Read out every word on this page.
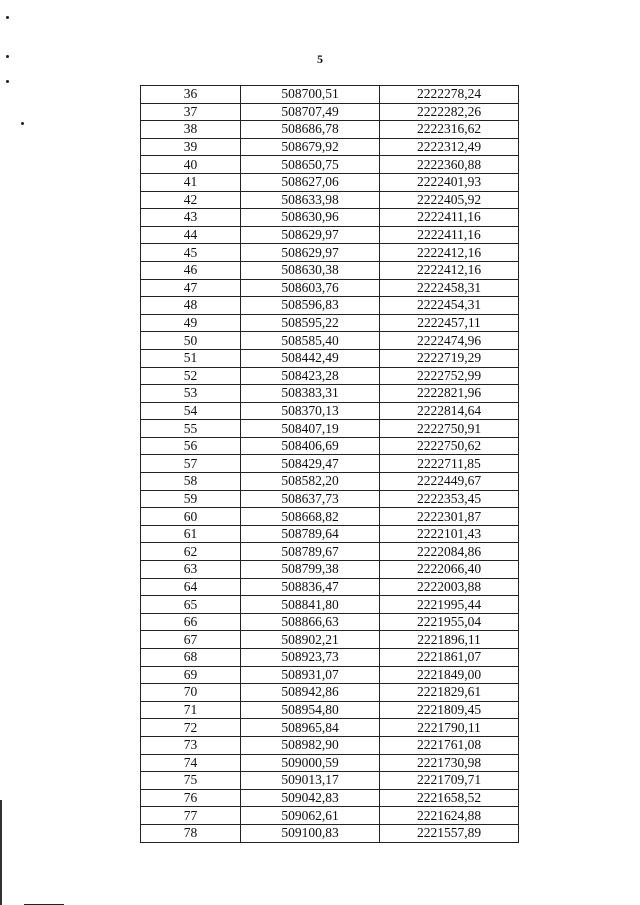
5
36	508700,51	2222278,24
37	508707,49	2222282,26
38	508686,78	2222316,62
39	508679,92	2222312,49
40	508650,75	2222360,88
41	508627,06	2222401,93
42	508633,98	2222405,92
43	508630,96	2222411,16
44	508629,97	2222411,16
45	508629,97	2222412,16
46	508630,38	2222412,16
47	508603,76	2222458,31
48	508596,83	2222454,31
49	508595,22	2222457,11
50	508585,40	2222474,96
51	508442,49	2222719,29
52	508423,28	2222752,99
53	508383,31	2222821,96
54	508370,13	2222814,64
55	508407,19	2222750,91
56	508406,69	2222750,62
57	508429,47	2222711,85
58	508582,20	2222449,67
59	508637,73	2222353,45
60	508668,82	2222301,87
61	508789,64	2222101,43
62	508789,67	2222084,86
63	508799,38	2222066,40
64	508836,47	2222003,88
65	508841,80	2221995,44
66	508866,63	2221955,04
67	508902,21	2221896,11
68	508923,73	2221861,07
69	508931,07	2221849,00
70	508942,86	2221829,61
71	508954,80	2221809,45
72	508965,84	2221790,11
73	508982,90	2221761,08
74	509000,59	2221730,98
75	509013,17	2221709,71
76	509042,83	2221658,52
77	509062,61	2221624,88
78	509100,83	2221557,89
